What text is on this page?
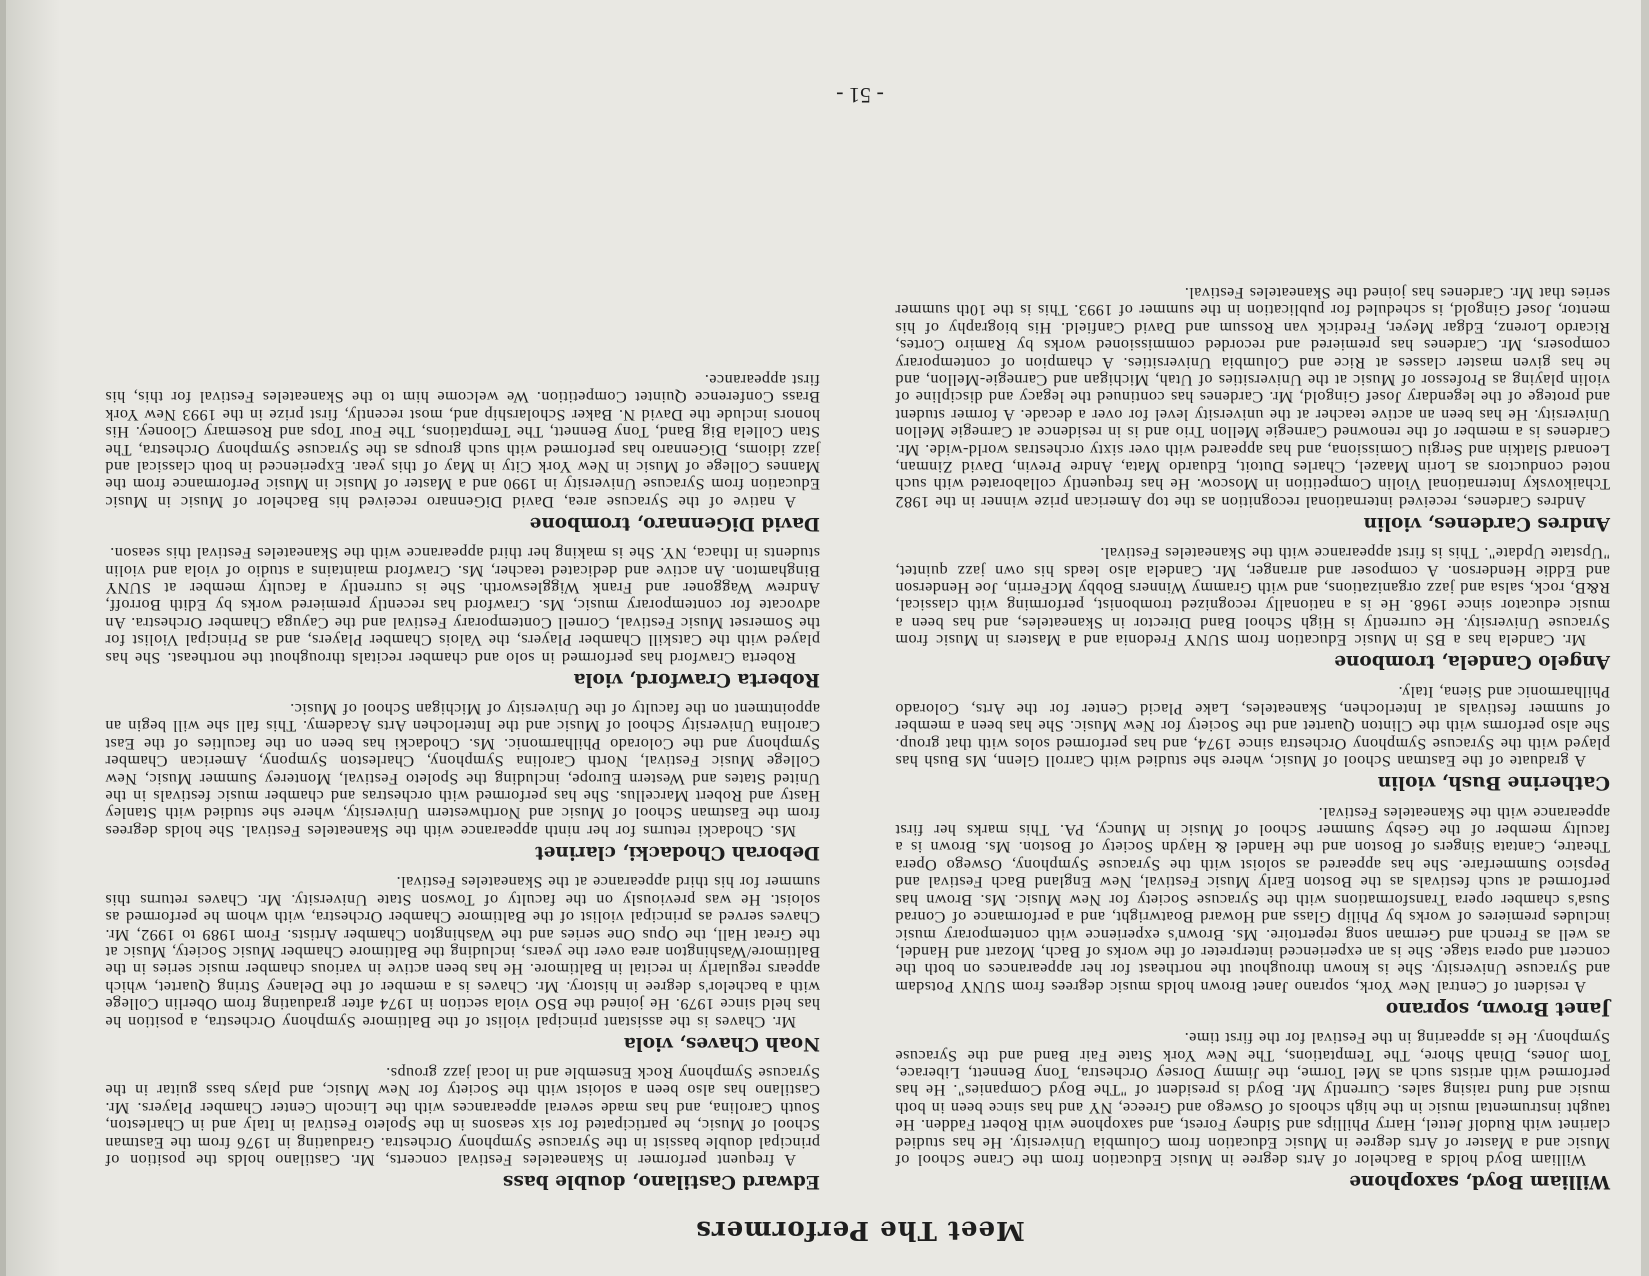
Meet The Performers
William Boyd, saxophone

William Boyd holds a Bachelor of Arts degree in Music Education from the Crane School of Music and a Master of Arts degree in Music Education from Columbia University. He has studied clarinet with Rudolf Jettel, Harry Phillips and Sidney Forest, and saxophone with Robert Fadden. He taught instrumental music in the high schools of Oswego and Greece, NY and has since been in both music and fund raising sales. Currently Mr. Boyd is president of "The Boyd Companies". He has performed with artists such as Mel Torme, the Jimmy Dorsey Orchestra, Tony Bennett, Liberace, Tom Jones, Dinah Shore, The Temptations, The New York State Fair Band and the Syracuse Symphony. He is appearing in the Festival for the first time.

Janet Brown, soprano

A resident of Central New York, soprano Janet Brown holds music degrees from SUNY Potsdam and Syracuse University. She is known throughout the northeast for her appearances on both the concert and opera stage. She is an experienced interpreter of the works of Bach, Mozart and Handel, as well as French and German song repertoire. Ms. Brown's experience with contemporary music includes premieres of works by Philip Glass and Howard Boatwright, and a performance of Conrad Susa's chamber opera Transformations with the Syracuse Society for New Music. Ms. Brown has performed at such festivals as the Boston Early Music Festival, New England Bach Festival and Pepsico Summerfare. She has appeared as soloist with the Syracuse Symphony, Oswego Opera Theatre, Cantata Singers of Boston and the Handel & Haydn Society of Boston. Ms. Brown is a faculty member of the Gesby Summer School of Music in Muncy, PA. This marks her first appearance with the Skaneateles Festival.

Catherine Bush, violin

A graduate of the Eastman School of Music, where she studied with Carroll Glenn, Ms Bush has played with the Syracuse Symphony Orchestra since 1974, and has performed solos with that group. She also performs with the Clinton Quartet and the Society for New Music. She has been a member of summer festivals at Interlochen, Skaneateles, Lake Placid Center for the Arts, Colorado Philharmonic and Siena, Italy.

Angelo Candela, trombone

Mr. Candela has a BS in Music Education from SUNY Fredonia and a Masters in Music from Syracuse University. He currently is High School Band Director in Skaneateles, and has been a music educator since 1968. He is a nationally recognized trombonist, performing with classical, R&B, rock, salsa and jazz organizations, and with Grammy Winners Bobby McFerrin, Joe Henderson and Eddie Henderson. A composer and arranger, Mr. Candela also leads his own jazz quintet, "Upstate Update". This is first appearance with the Skaneateles Festival.

Andres Cardenes, violin

Andres Cardenes, received international recognition as the top American prize winner in the 1982 Tchaikovsky International Violin Competition in Moscow. He has frequently collaborated with such noted conductors as Lorin Maazel, Charles Dutoit, Eduardo Mata, Andre Previn, David Zinman, Leonard Slatkin and Sergiu Comissiona, and has appeared with over sixty orchestras world-wide. Mr. Cardenes is a member of the renowned Carnegie Mellon Trio and is in residence at Carnegie Mellon University. He has been an active teacher at the university level for over a decade. A former student and protege of the legendary Josef Gingold, Mr. Cardenes has continued the legacy and discipline of violin playing as Professor of Music at the Universities of Utah, Michigan and Carnegie-Mellon, and he has given master classes at Rice and Columbia Universities. A champion of contemporary composers, Mr. Cardenes has premiered and recorded commissioned works by Ramiro Cortes, Ricardo Lorenz, Edgar Meyer, Fredrick van Rossum and David Canfield. His biography of his mentor, Josef Gingold, is scheduled for publication in the summer of 1993. This is the 10th summer series that Mr. Cardenes has joined the Skaneateles Festival.

Edward Castilano, double bass

A frequent performer in Skaneateles Festival concerts, Mr. Castilano holds the position of principal double bassist in the Syracuse Symphony Orchestra. Graduating in 1976 from the Eastman School of Music, he participated for six seasons in the Spoleto Festival in Italy and in Charleston, South Carolina, and has made several appearances with the Lincoln Center Chamber Players. Mr. Castilano has also been a soloist with the Society for New Music, and plays bass guitar in the Syracuse Symphony Rock Ensemble and in local jazz groups.

Noah Chaves, viola

Mr. Chaves is the assistant principal violist of the Baltimore Symphony Orchestra, a position he has held since 1979. He joined the BSO viola section in 1974 after graduating from Oberlin College with a bachelor's degree in history. Mr. Chaves is a member of the Delaney String Quartet, which appears regularly in recital in Baltimore. He has been active in various chamber music series in the Baltimore/Washington area over the years, including the Baltimore Chamber Music Society, Music at the Great Hall, the Opus One series and the Washington Chamber Artists. From 1989 to 1992, Mr. Chaves served as principal violist of the Baltimore Chamber Orchestra, with whom he performed as soloist. He was previously on the faculty of Towson State University. Mr. Chaves returns this summer for his third appearance at the Skaneateles Festival.

Deborah Chodacki, clarinet

Ms. Chodacki returns for her ninth appearance with the Skaneateles Festival. She holds degrees from the Eastman School of Music and Northwestern University, where she studied with Stanley Hasty and Robert Marcellus. She has performed with orchestras and chamber music festivals in the United States and Western Europe, including the Spoleto Festival, Monterey Summer Music, New College Music Festival, North Carolina Symphony, Charleston Sympony, American Chamber Symphony and the Colorado Philharmonic. Ms. Chodacki has been on the faculties of the East Carolina University School of Music and the Interlochen Arts Academy. This fall she will begin an appointment on the faculty of the University of Michigan School of Music.

Roberta Crawford, viola

Roberta Crawford has performed in solo and chamber recitals throughout the northeast. She has played with the Catskill Chamber Players, the Valois Chamber Players, and as Principal Violist for the Somerset Music Festival, Cornell Contemporary Festival and the Cayuga Chamber Orchestra. An advocate for contemporary music, Ms. Crawford has recently premiered works by Edith Borroff, Andrew Waggoner and Frank Wigglesworth. She is currently a faculty member at SUNY Binghamton. An active and dedicated teacher, Ms. Crawford maintains a studio of viola and violin students in Ithaca, NY. She is making her third appearance with the Skaneateles Festival this season.

David DiGennaro, trombone

A native of the Syracuse area, David DiGennaro received his Bachelor of Music in Music Education from Syracuse University in 1990 and a Master of Music in Music Performance from the Mannes College of Music in New York City in May of this year. Experienced in both classical and jazz idioms, DiGennaro has performed with such groups as the Syracuse Symphony Orchestra, The Stan Collela Big Band, Tony Bennett, The Temptations, The Four Tops and Rosemary Clooney. His honors include the David N. Baker Scholarship and, most recently, first prize in the 1993 New York Brass Conference Quintet Competition. We welcome him to the Skaneateles Festival for this, his first appearance.

- 51 -
